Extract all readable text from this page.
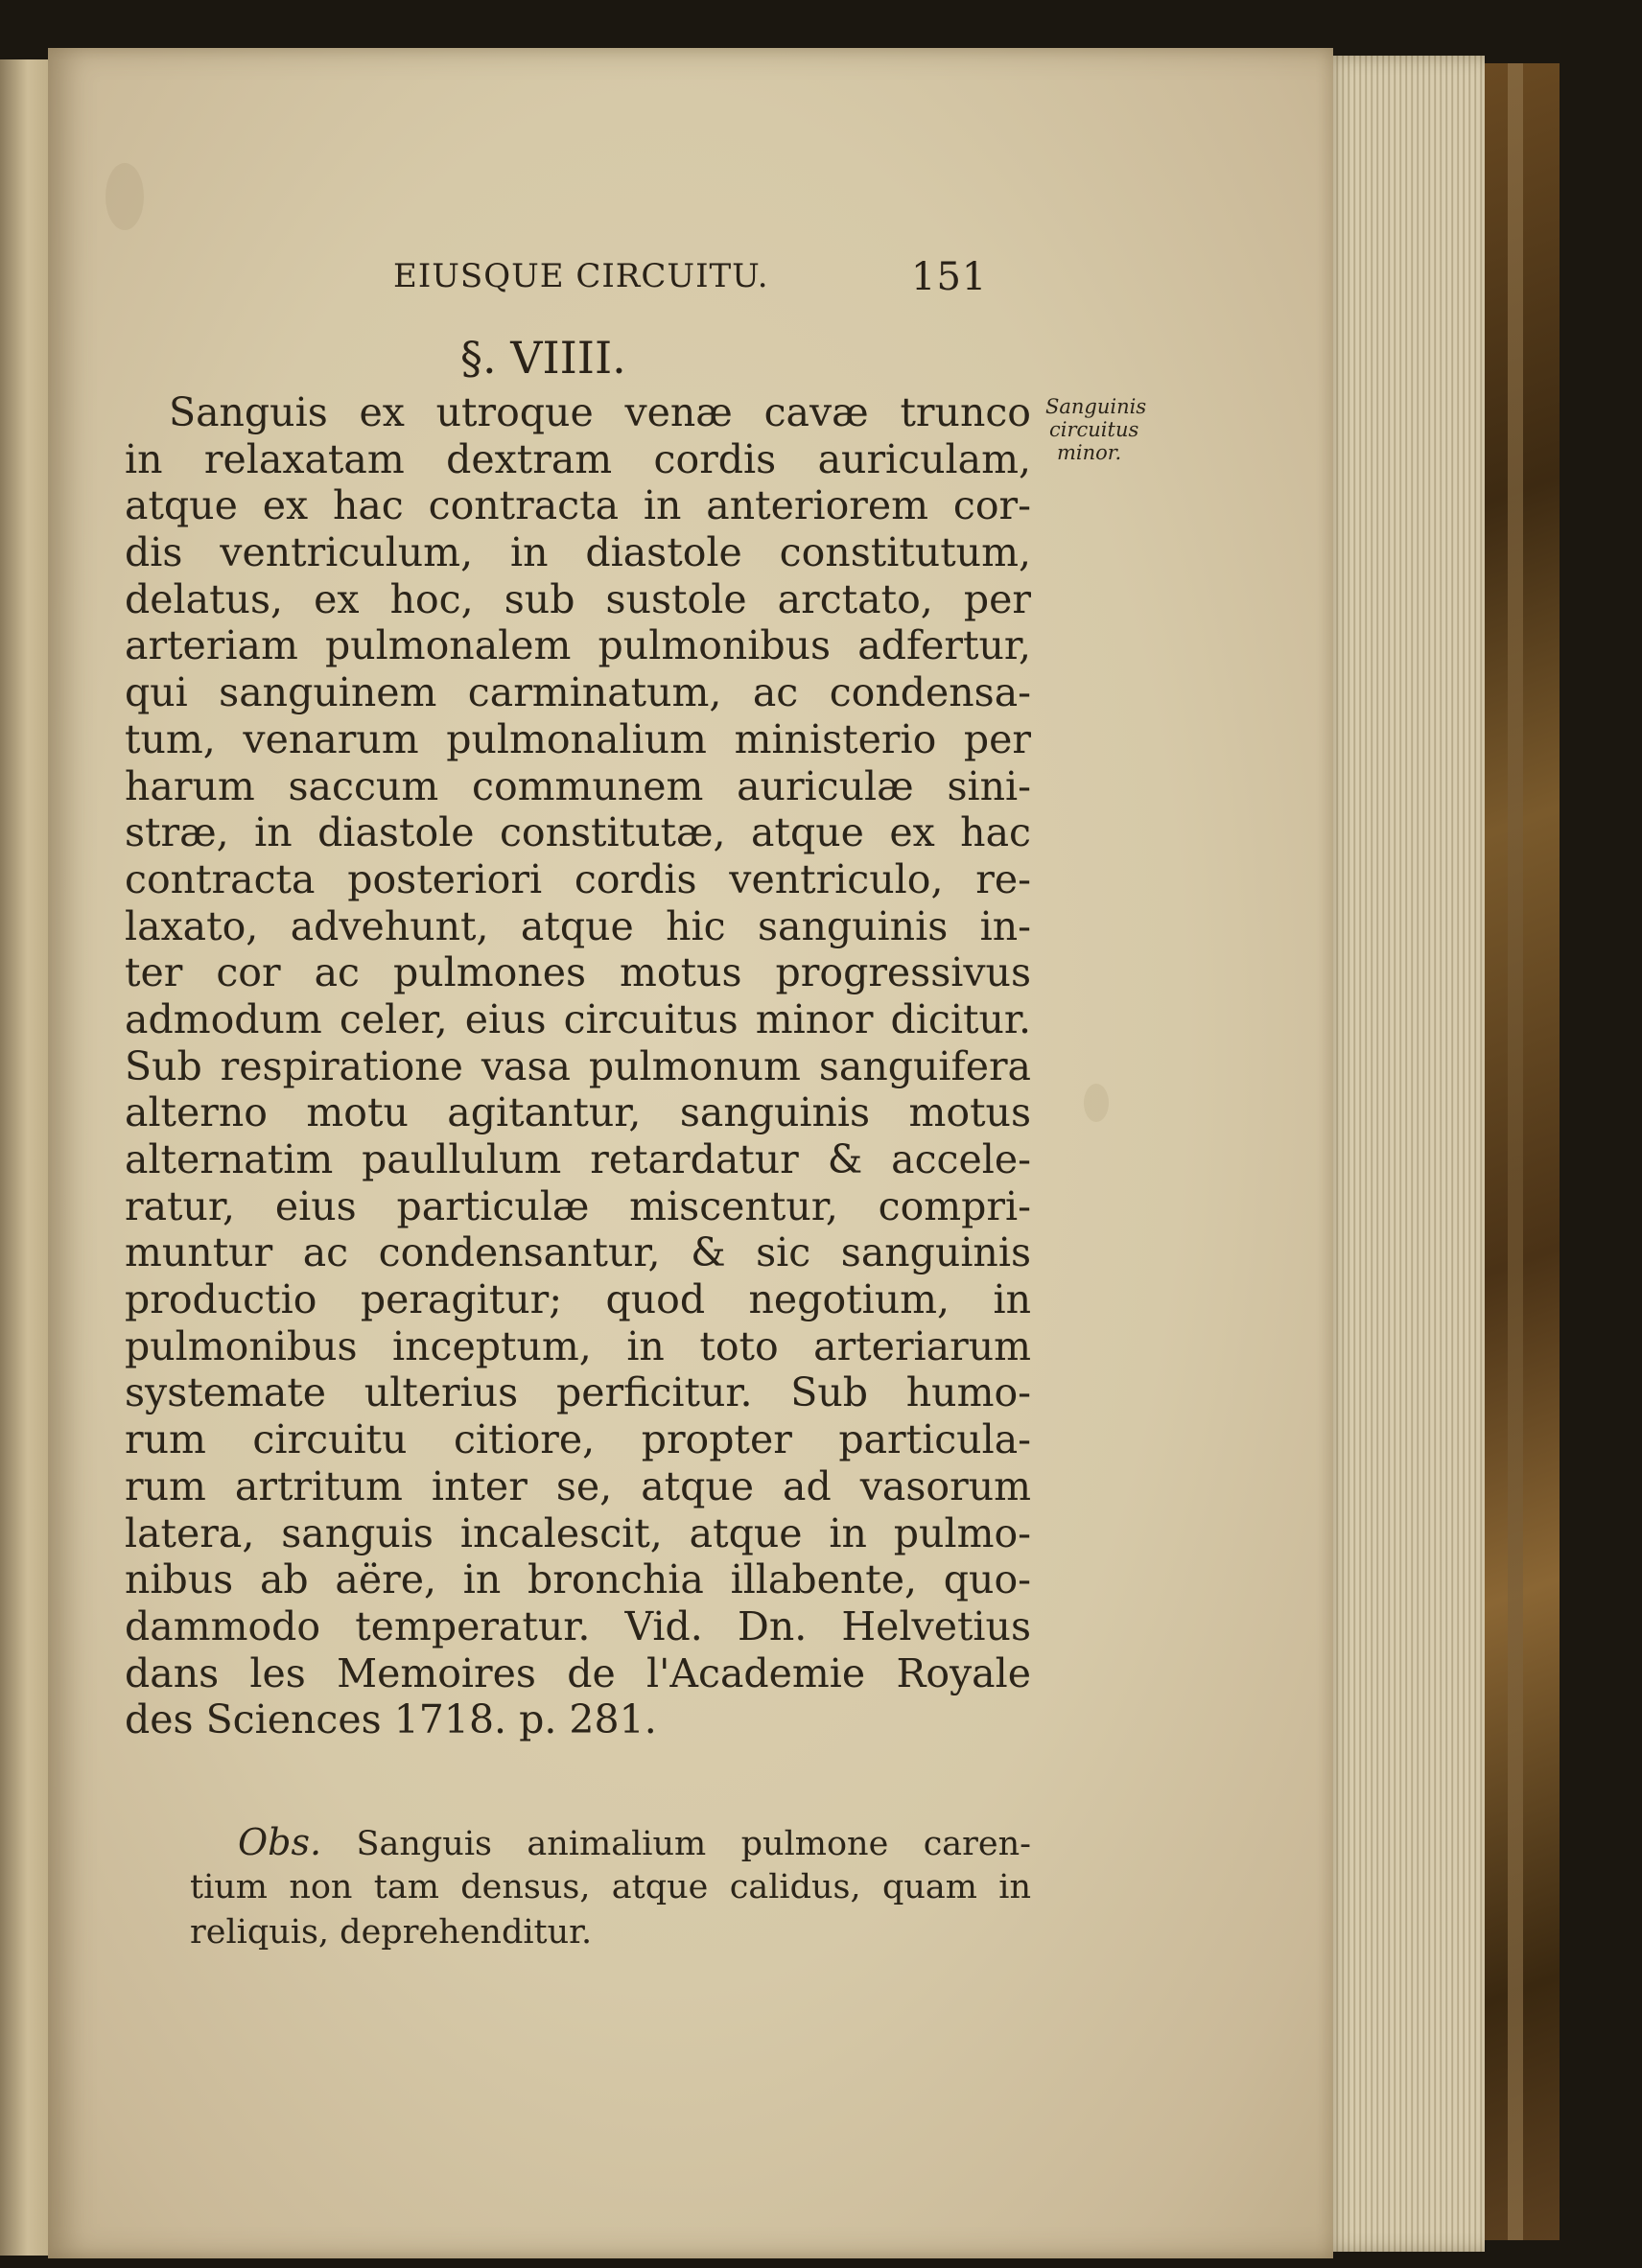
EIUSQUE CIRCUITU.	151
§. VIIII.
Sanguinis
circuitus
minor.
Sanguis ex utroque venæ cavæ trunco
in relaxatam dextram cordis auriculam,
atque ex hac contracta in anteriorem cor-
dis ventriculum, in diastole constitutum,
delatus, ex hoc, sub sustole arctato, per
arteriam pulmonalem pulmonibus adfertur,
qui sanguinem carminatum, ac condensa-
tum, venarum pulmonalium ministerio per
harum saccum communem auriculæ sini-
stræ, in diastole constitutæ, atque ex hac
contracta posteriori cordis ventriculo, re-
laxato, advehunt, atque hic sanguinis in-
ter cor ac pulmones motus progressivus
admodum celer, eius circuitus minor dicitur.
Sub respiratione vasa pulmonum sanguifera
alterno motu agitantur, sanguinis motus
alternatim paullulum retardatur & accele-
ratur, eius particulæ miscentur, compri-
muntur ac condensantur, & sic sanguinis
productio peragitur; quod negotium, in
pulmonibus inceptum, in toto arteriarum
systemate ulterius perficitur. Sub humo-
rum circuitu citiore, propter particula-
rum artritum inter se, atque ad vasorum
latera, sanguis incalescit, atque in pulmo-
nibus ab aëre, in bronchia illabente, quo-
dammodo temperatur. Vid. Dn. Helvetius
dans les Memoires de l'Academie Royale
des Sciences 1718. p. 281.
Obs. Sanguis animalium pulmone caren-
tium non tam densus, atque calidus, quam in
reliquis, deprehenditur.
